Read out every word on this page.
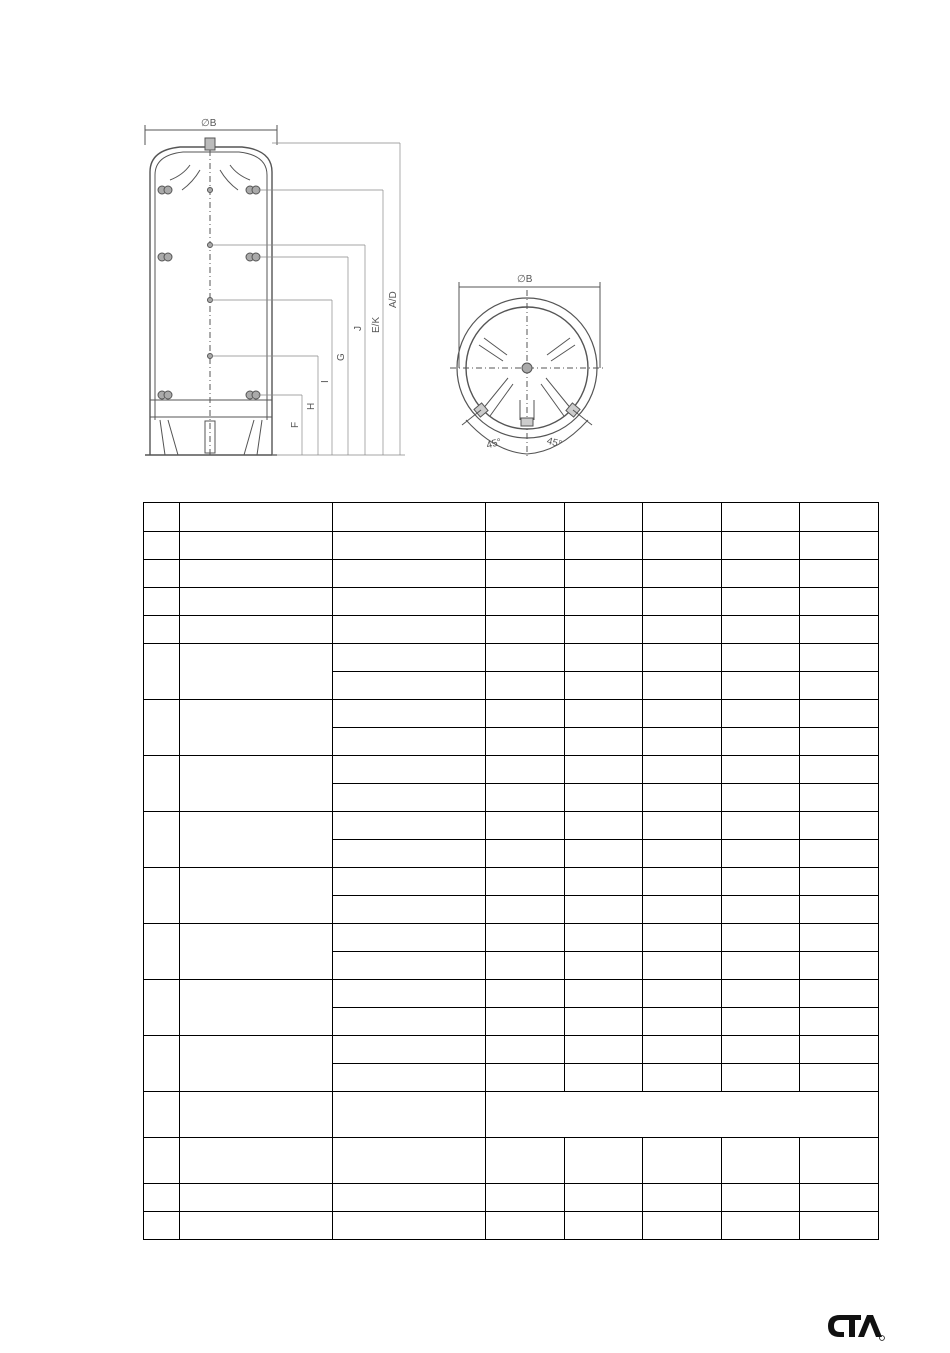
∅B
F
H
I
G
J E/K
A/D
∅B
45°	45°
